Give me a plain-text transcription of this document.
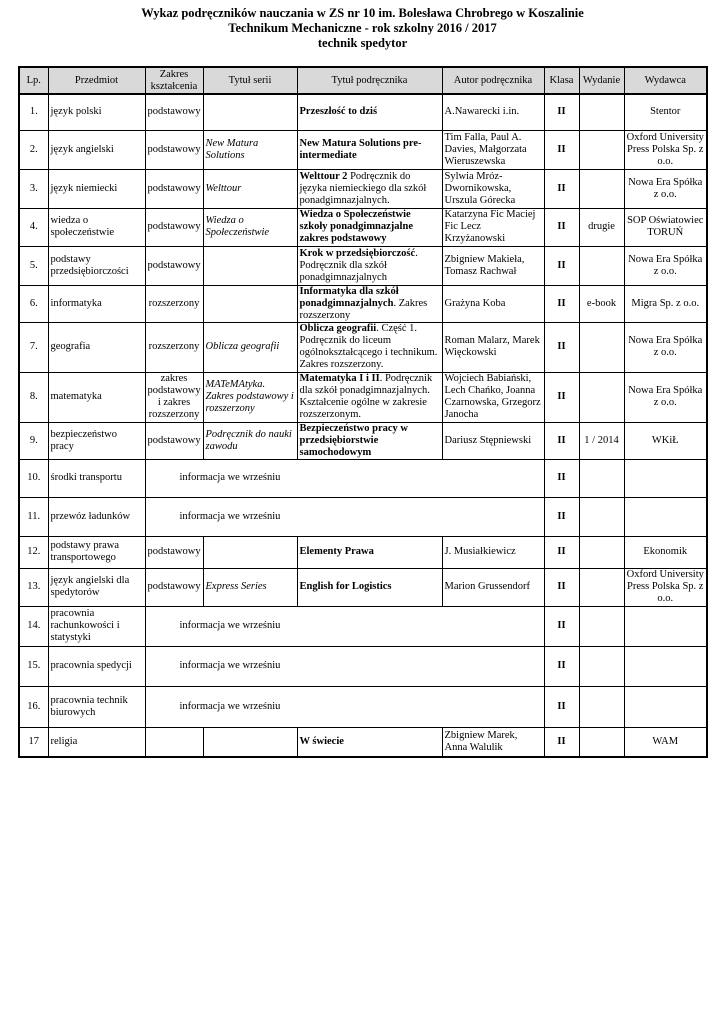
Wykaz podręczników nauczania w ZS nr 10 im. Bolesława Chrobrego w Koszalinie
Technikum Mechaniczne - rok szkolny 2016 / 2017
technik spedytor
Lp.	Przedmiot	Zakres kształcenia	Tytuł serii	Tytuł podręcznika	Autor podręcznika	Klasa	Wydanie	Wydawca
1.	język polski	podstawowy		Przeszłość to dziś	A.Nawarecki i.in.	II		Stentor
2.	język angielski	podstawowy	New Matura Solutions	New Matura Solutions pre-intermediate	Tim Falla, Paul A. Davies, Małgorzata Wieruszewska	II		Oxford University Press Polska Sp. z o.o.
3.	język niemiecki	podstawowy	Welttour	Welttour 2 Podręcznik do języka niemieckiego dla szkół ponadgimnazjalnych.	Sylwia Mróz-Dwornikowska, Urszula Górecka	II		Nowa Era Spółka z o.o.
4.	wiedza o społeczeństwie	podstawowy	Wiedza o Społeczeństwie	Wiedza o Społeczeństwie szkoły ponadgimnazjalne zakres podstawowy	Katarzyna Fic Maciej Fic Lecz Krzyżanowski	II	drugie	SOP Oświatowiec TORUŃ
5.	podstawy przedsiębiorczości	podstawowy		Krok w przedsiębiorczość. Podręcznik dla szkół ponadgimnazjalnych	Zbigniew Makieła, Tomasz Rachwał	II		Nowa Era Spółka z o.o.
6.	informatyka	rozszerzony		Informatyka dla szkół ponadgimnazjalnych. Zakres rozszerzony	Grażyna Koba	II	e-book	Migra Sp. z o.o.
7.	geografia	rozszerzony	Oblicza geografii	Oblicza geografii. Część 1. Podręcznik do liceum ogólnokształcącego i technikum. Zakres rozszerzony.	Roman Malarz, Marek Więckowski	II		Nowa Era Spółka z o.o.
8.	matematyka	zakres podstawowy i zakres rozszerzony	MATeMAtyka. Zakres podstawowy i rozszerzony	Matematyka I i II. Podręcznik dla szkół ponadgimnazjalnych. Kształcenie ogólne w zakresie rozszerzonym.	Wojciech Babiański, Lech Chańko, Joanna Czarnowska, Grzegorz Janocha	II		Nowa Era Spółka z o.o.
9.	bezpieczeństwo pracy	podstawowy	Podręcznik do nauki zawodu	Bezpieczeństwo pracy w przedsiębiorstwie samochodowym	Dariusz Stępniewski	II	1 / 2014	WKiŁ
10.	środki transportu	informacja we wrześniu				II		
11.	przewóz ładunków	informacja we wrześniu				II		
12.	podstawy prawa transportowego	podstawowy		Elementy Prawa	J. Musiałkiewicz	II		Ekonomik
13.	język angielski dla spedytorów	podstawowy	Express Series	English for Logistics	Marion Grussendorf	II		Oxford University Press Polska Sp. z o.o.
14.	pracownia rachunkowości i statystyki	informacja we wrześniu				II		
15.	pracownia spedycji	informacja we wrześniu				II		
16.	pracownia technik biurowych	informacja we wrześniu				II		
17	religia			W świecie	Zbigniew Marek, Anna Walulik	II		WAM
